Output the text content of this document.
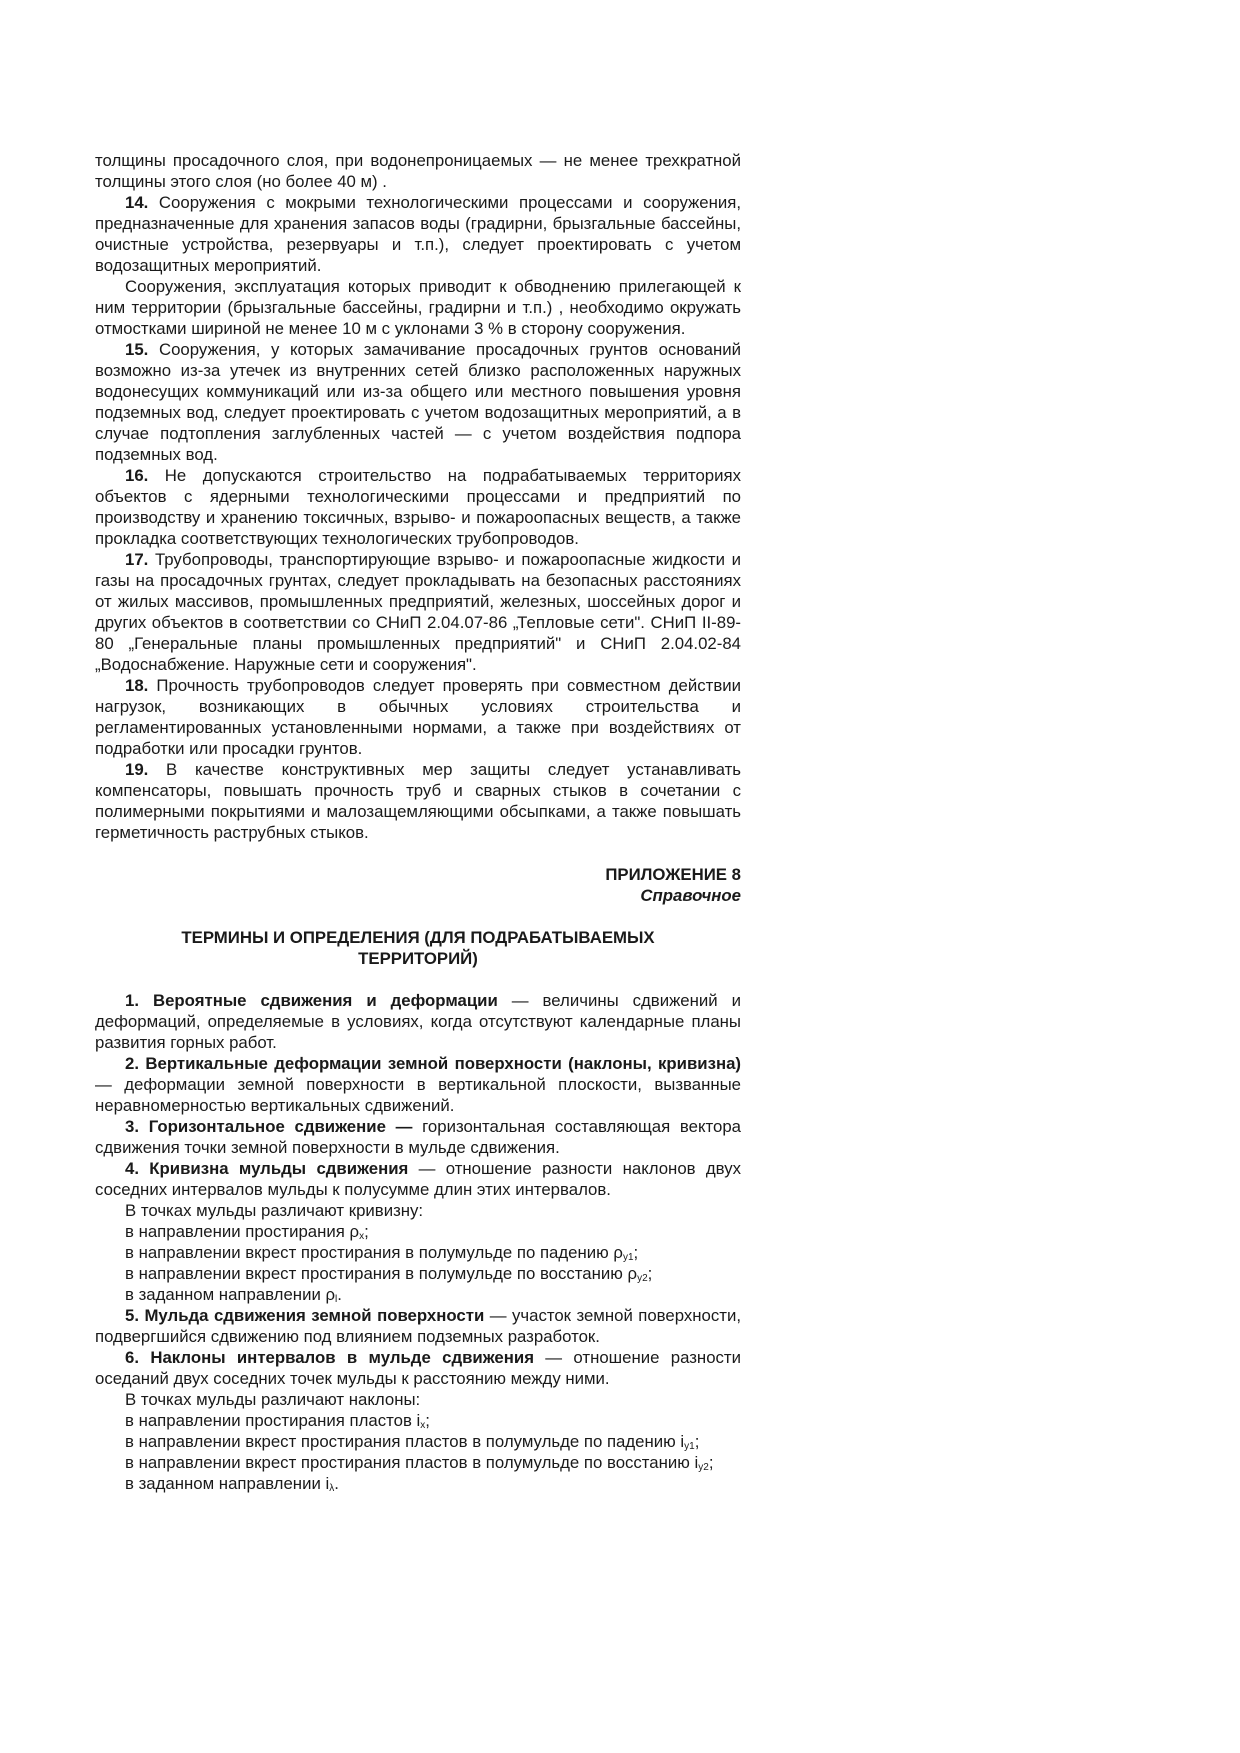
толщины просадочного слоя, при водонепроницаемых — не менее трехкратной толщины этого слоя (но более 40 м) .

14. Сооружения с мокрыми технологическими процессами и сооружения, предназначенные для хранения запасов воды (градирни, брызгальные бассейны, очистные устройства, резервуары и т.п.), следует проектировать с учетом водозащитных мероприятий.

Сооружения, эксплуатация которых приводит к обводнению прилегающей к ним территории (брызгальные бассейны, градирни и т.п.) , необходимо окружать отмостками шириной не менее 10 м с уклонами 3 % в сторону сооружения.

15. Сооружения, у которых замачивание просадочных грунтов оснований возможно из-за утечек из внутренних сетей близко расположенных наружных водонесущих коммуникаций или из-за общего или местного повышения уровня подземных вод, следует проектировать с учетом водозащитных мероприятий, а в случае подтопления заглубленных частей — с учетом воздействия подпора подземных вод.

16. Не допускаются строительство на подрабатываемых территориях объектов с ядерными технологическими процессами и предприятий по производству и хранению токсичных, взрыво- и пожароопасных веществ, а также прокладка соответствующих технологических трубопроводов.

17. Трубопроводы, транспортирующие взрыво- и пожароопасные жидкости и газы на просадочных грунтах, следует прокладывать на безопасных расстояниях от жилых массивов, промышленных предприятий, железных, шоссейных дорог и других объектов в соответствии со СНиП 2.04.07-86 „Тепловые сети". СНиП II-89-80 „Генеральные планы промышленных предприятий" и СНиП 2.04.02-84 „Водоснабжение. Наружные сети и сооружения".

18. Прочность трубопроводов следует проверять при совместном действии нагрузок, возникающих в обычных условиях строительства и регламентированных установленными нормами, а также при воздействиях от подработки или просадки грунтов.

19. В качестве конструктивных мер защиты следует устанавливать компенсаторы, повышать прочность труб и сварных стыков в сочетании с полимерными покрытиями и малозащемляющими обсыпками, а также повышать герметичность раструбных стыков.

ПРИЛОЖЕНИЕ 8
Справочное
ТЕРМИНЫ И ОПРЕДЕЛЕНИЯ (ДЛЯ ПОДРАБАТЫВАЕМЫХ ТЕРРИТОРИЙ)

1. Вероятные сдвижения и деформации — величины сдвижений и деформаций, определяемые в условиях, когда отсутствуют календарные планы развития горных работ.

2. Вертикальные деформации земной поверхности (наклоны, кривизна) — деформации земной поверхности в вертикальной плоскости, вызванные неравномерностью вертикальных сдвижений.

3. Горизонтальное сдвижение — горизонтальная составляющая вектора сдвижения точки земной поверхности в мульде сдвижения.

4. Кривизна мульды сдвижения — отношение разности наклонов двух соседних интервалов мульды к полусумме длин этих интервалов.

В точках мульды различают кривизну:

в направлении простирания $\rho_x$;

в направлении вкрест простирания в полумульде по падению $\rho_{y1}$;

в направлении вкрест простирания в полумульде по восстанию $\rho_{y2}$;

в заданном направлении $\rho_l$.

5. Мульда сдвижения земной поверхности — участок земной поверхности, подвергшийся сдвижению под влиянием подземных разработок.

6. Наклоны интервалов в мульде сдвижения — отношение разности оседаний двух соседних точек мульды к расстоянию между ними.

В точках мульды различают наклоны:

в направлении простирания пластов $i_x$;

в направлении вкрест простирания пластов в полумульде по падению $i_{y1}$;

в направлении вкрест простирания пластов в полумульде по восстанию $i_{y2}$;

в заданном направлении $i_\lambda$.
